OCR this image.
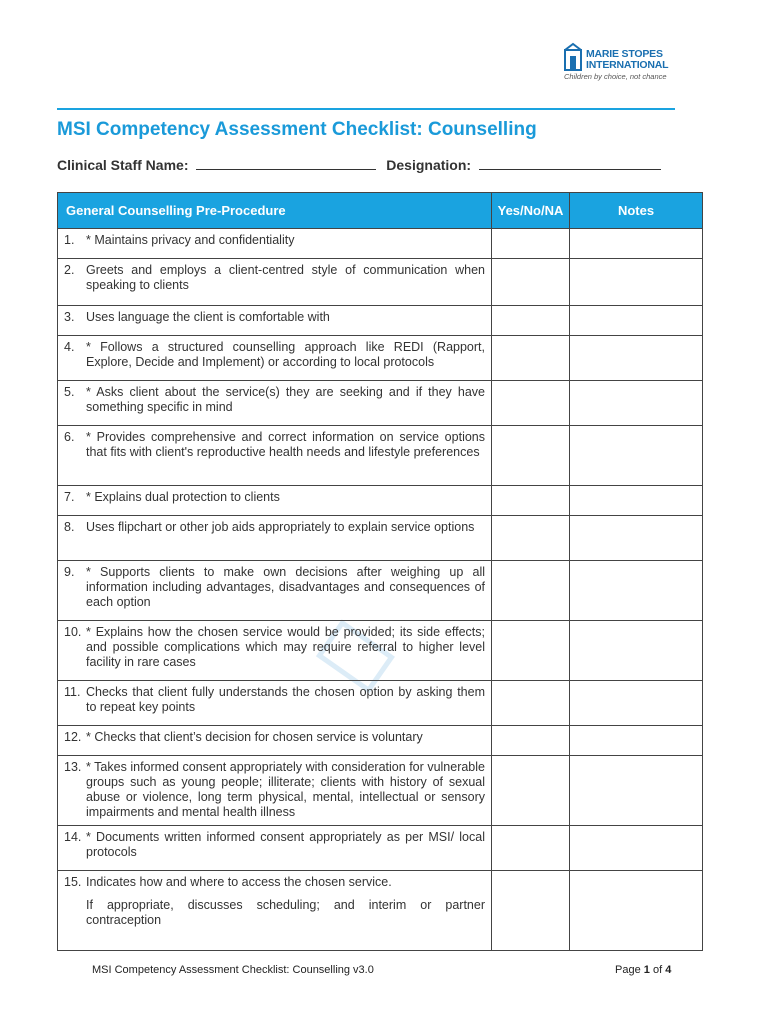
MARIE STOPES
INTERNATIONAL
Children by choice, not chance
MSI Competency Assessment Checklist: Counselling
Clinical Staff Name:	Designation:
General Counselling Pre-Procedure	Yes/No/NA	Notes

1. * Maintains privacy and confidentiality		

2. Greets and employs a client-centred style of communication when speaking to clients		

3. Uses language the client is comfortable with		

4. * Follows a structured counselling approach like REDI (Rapport, Explore, Decide and Implement) or according to local protocols		

5. * Asks client about the service(s) they are seeking and if they have something specific in mind		

6. * Provides comprehensive and correct information on service options that fits with client's reproductive health needs and lifestyle preferences		

7. * Explains dual protection to clients		

8. Uses flipchart or other job aids appropriately to explain service options		

9. * Supports clients to make own decisions after weighing up all information including advantages, disadvantages and consequences of each option		

10. * Explains how the chosen service would be provided; its side effects; and possible complications which may require referral to higher level facility in rare cases		

11. Checks that client fully understands the chosen option by asking them to repeat key points		

12. * Checks that client’s decision for chosen service is voluntary		

13. * Takes informed consent appropriately with consideration for vulnerable groups such as young people; illiterate; clients with history of sexual abuse or violence, long term physical, mental, intellectual or sensory impairments and mental health illness		

14. * Documents written informed consent appropriately as per MSI/ local protocols		

15. Indicates how and where to access the chosen service.
If appropriate, discusses scheduling; and interim or partner contraception		

MSI Competency Assessment Checklist: Counselling v3.0	Page 1 of 4
